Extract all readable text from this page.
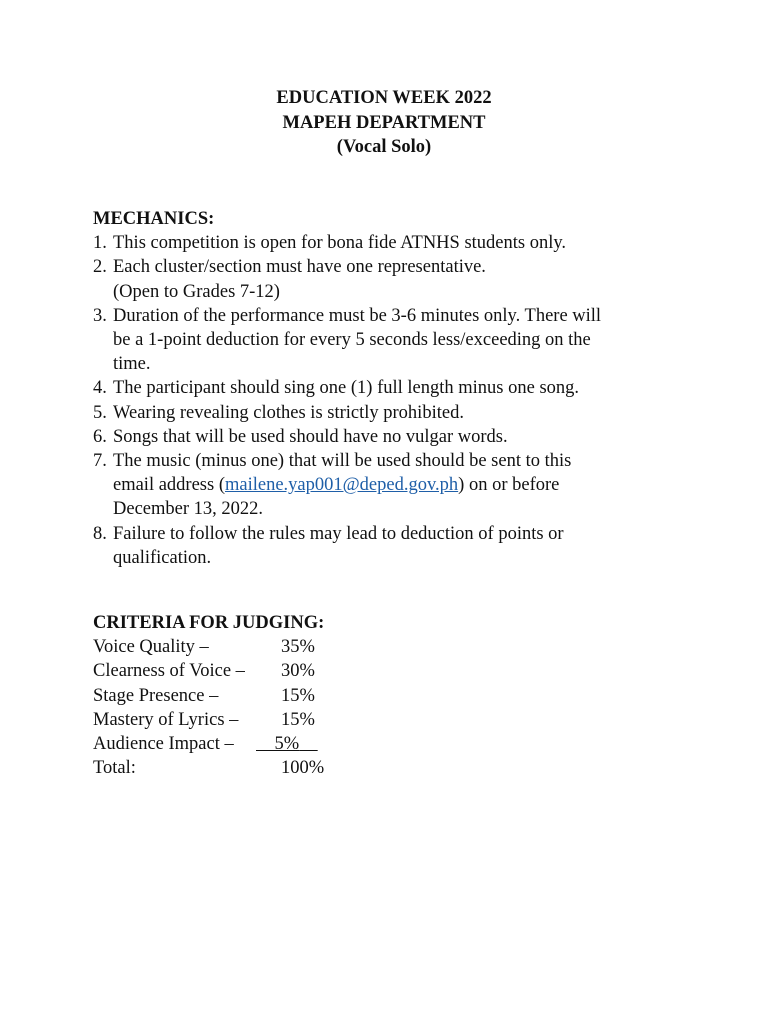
EDUCATION WEEK 2022
MAPEH DEPARTMENT
(Vocal Solo)
MECHANICS:
1. This competition is open for bona fide ATNHS students only.
2. Each cluster/section must have one representative.
(Open to Grades 7-12)
3. Duration of the performance must be 3-6 minutes only. There will
be a 1-point deduction for every 5 seconds less/exceeding on the
time.
4. The participant should sing one (1) full length minus one song.
5. Wearing revealing clothes is strictly prohibited.
6. Songs that will be used should have no vulgar words.
7. The music (minus one) that will be used should be sent to this
email address (mailene.yap001@deped.gov.ph) on or before
December 13, 2022.
8. Failure to follow the rules may lead to deduction of points or
qualification.
CRITERIA FOR JUDGING:
Voice Quality –	35%
Clearness of Voice – 30%
Stage Presence –	15%
Mastery of Lyrics – 15%
Audience Impact –	5%
Total:	100%
